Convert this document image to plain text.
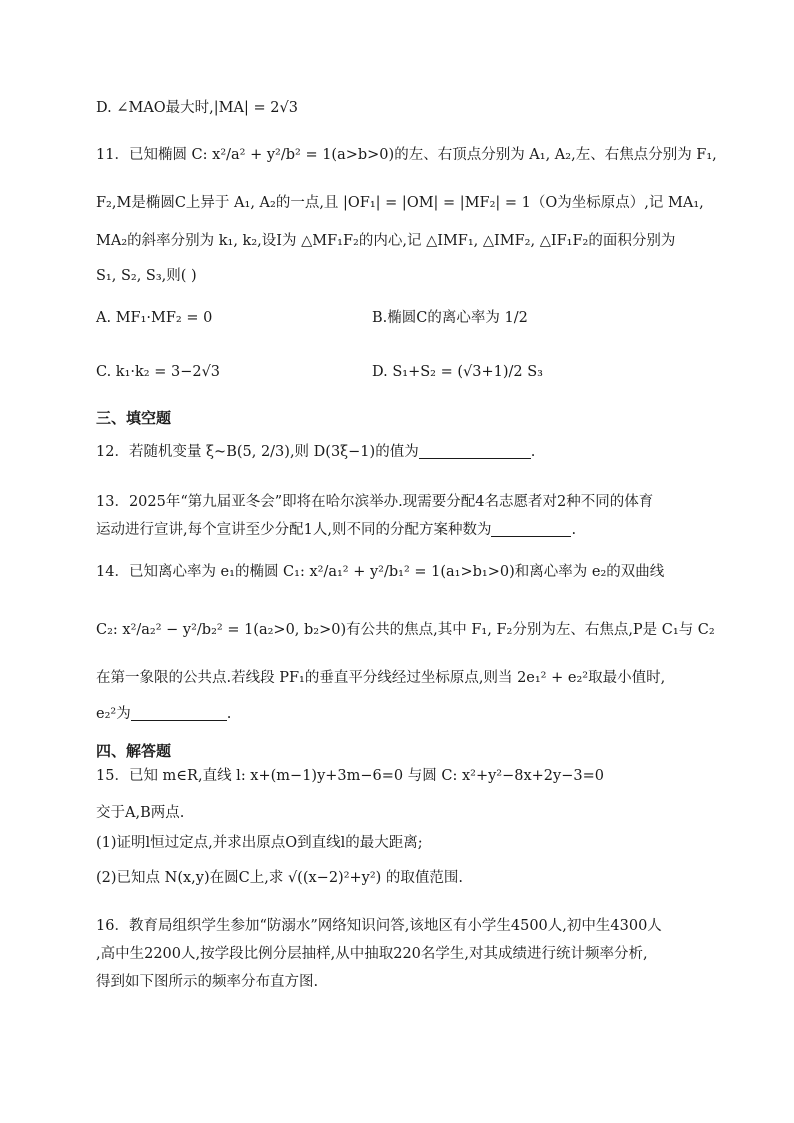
D. ∠MAO最大时,|MA| = 2√3
11．已知椭圆 C: x²/a² + y²/b² = 1(a>b>0)的左、右顶点分别为 A₁, A₂,左、右焦点分别为 F₁,
F₂,M是椭圆C上异于 A₁, A₂的一点,且 |OF₁| = |OM| = |MF₂| = 1（O为坐标原点）,记 MA₁,
MA₂的斜率分别为 k₁, k₂,设I为 △MF₁F₂的内心,记 △IMF₁, △IMF₂, △IF₁F₂的面积分别为
S₁, S₂, S₃,则( )
A. MF₁·MF₂ = 0	B.椭圆C的离心率为 1/2
C. k₁·k₂ = 3−2√3	D. S₁+S₂ = (√3+1)/2 S₃
三、填空题
12．若随机变量 ξ~B(5, 2/3),则 D(3ξ−1)的值为	.
13．2025年“第九届亚冬会”即将在哈尔滨举办.现需要分配4名志愿者对2种不同的体育
运动进行宣讲,每个宣讲至少分配1人,则不同的分配方案种数为	.
14．已知离心率为 e₁的椭圆 C₁: x²/a₁² + y²/b₁² = 1(a₁>b₁>0)和离心率为 e₂的双曲线
C₂: x²/a₂² − y²/b₂² = 1(a₂>0, b₂>0)有公共的焦点,其中 F₁, F₂分别为左、右焦点,P是 C₁与 C₂
在第一象限的公共点.若线段 PF₁的垂直平分线经过坐标原点,则当 2e₁² + e₂²取最小值时,
e₂²为	.
四、解答题
15．已知 m∈R,直线 l: x+(m−1)y+3m−6=0 与圆 C: x²+y²−8x+2y−3=0
交于A,B两点.
(1)证明l恒过定点,并求出原点O到直线l的最大距离;
(2)已知点 N(x,y)在圆C上,求 √((x−2)²+y²) 的取值范围.
16．教育局组织学生参加“防溺水”网络知识问答,该地区有小学生4500人,初中生4300人
,高中生2200人,按学段比例分层抽样,从中抽取220名学生,对其成绩进行统计频率分析,
得到如下图所示的频率分布直方图.
